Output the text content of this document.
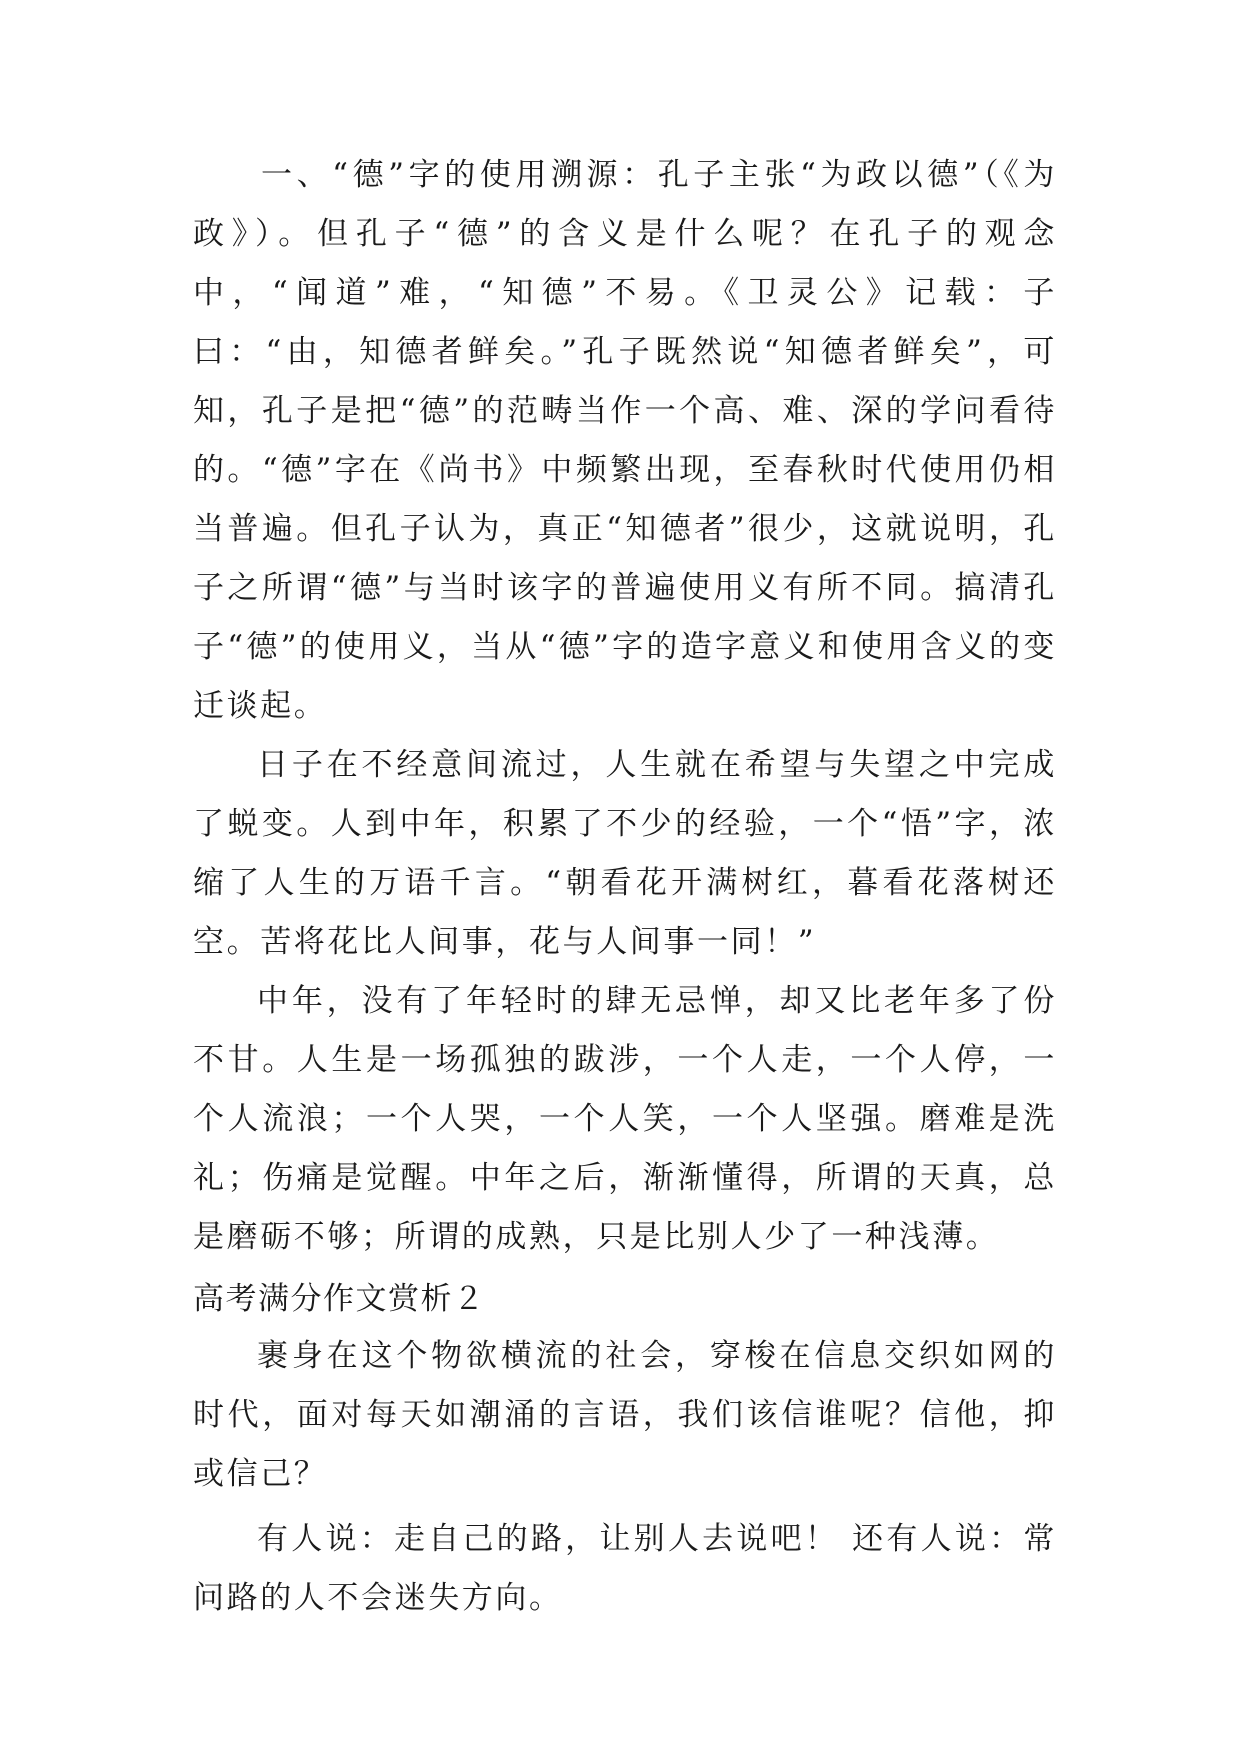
一、“德”字的使用溯源：孔子主张“为政以德”（《为政》）。但孔子“德”的含义是什么呢？在孔子的观念中，“闻道”难，“知德”不易。《卫灵公》记载：子曰：“由，知德者鲜矣。”孔子既然说“知德者鲜矣”，可知，孔子是把“德”的范畴当作一个高、难、深的学问看待的。“德”字在《尚书》中频繁出现，至春秋时代使用仍相当普遍。但孔子认为，真正“知德者”很少，这就说明，孔子之所谓“德”与当时该字的普遍使用义有所不同。搞清孔子“德”的使用义，当从“德”字的造字意义和使用含义的变迁谈起。

日子在不经意间流过，人生就在希望与失望之中完成了蜕变。人到中年，积累了不少的经验，一个“悟”字，浓缩了人生的万语千言。“朝看花开满树红，暮看花落树还空。苦将花比人间事，花与人间事一同！”

中年，没有了年轻时的肆无忌惮，却又比老年多了份不甘。人生是一场孤独的跋涉，一个人走，一个人停，一个人流浪；一个人哭，一个人笑，一个人坚强。磨难是洗礼；伤痛是觉醒。中年之后，渐渐懂得，所谓的天真，总是磨砺不够；所谓的成熟，只是比别人少了一种浅薄。

高考满分作文赏析２

裹身在这个物欲横流的社会，穿梭在信息交织如网的时代，面对每天如潮涌的言语，我们该信谁呢？信他，抑或信己？

有人说：走自己的路，让别人去说吧！ 还有人说：常问路的人不会迷失方向。
